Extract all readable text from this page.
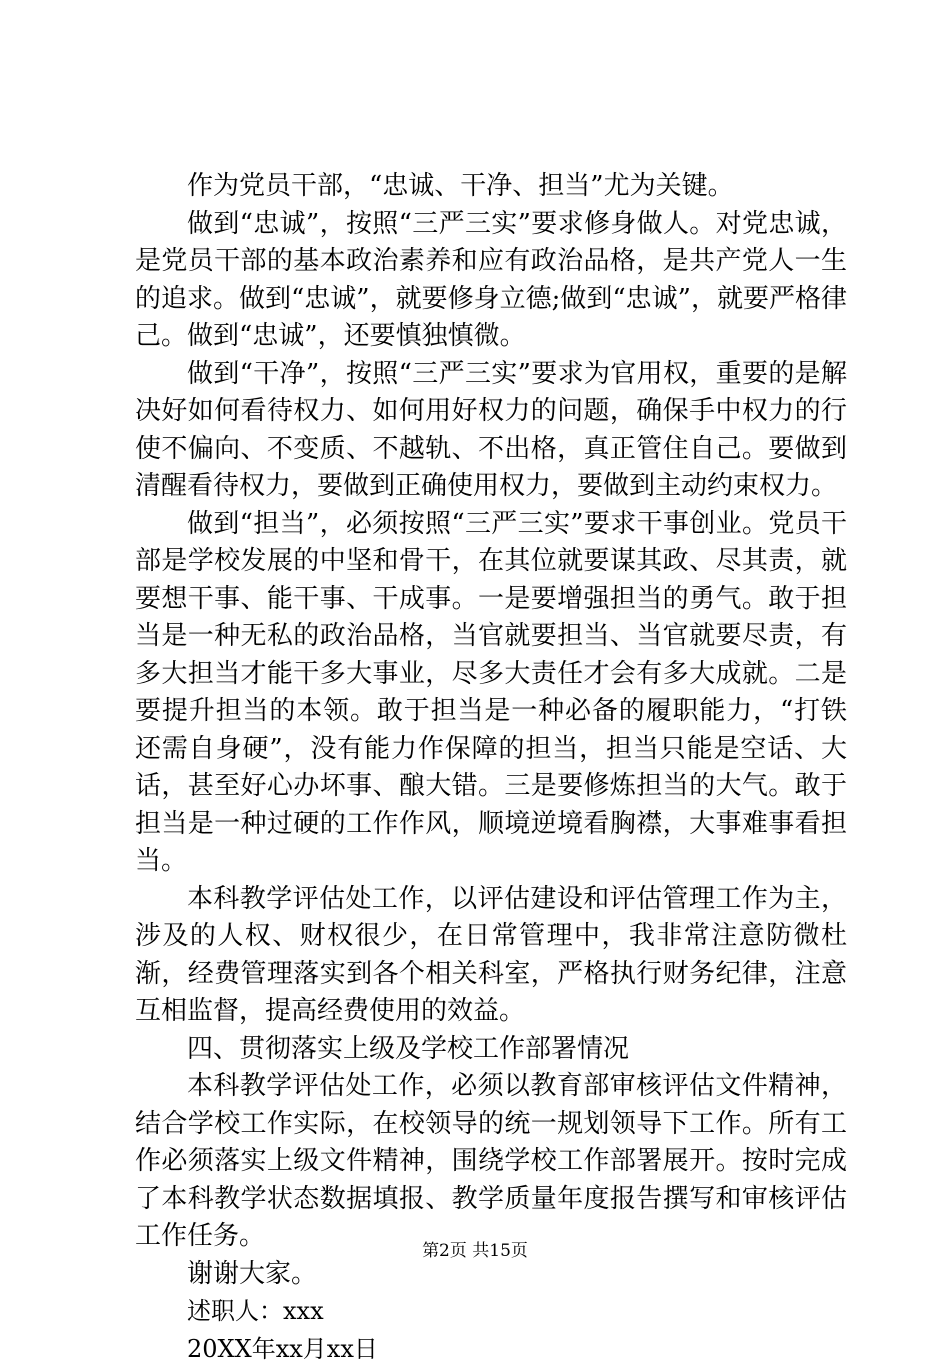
作为党员干部，“忠诚、干净、担当”尤为关键。

做到“忠诚”，按照“三严三实”要求修身做人。对党忠诚，是党员干部的基本政治素养和应有政治品格，是共产党人一生的追求。做到“忠诚”，就要修身立德;做到“忠诚”，就要严格律己。做到“忠诚”，还要慎独慎微。

做到“干净”，按照“三严三实”要求为官用权，重要的是解决好如何看待权力、如何用好权力的问题，确保手中权力的行使不偏向、不变质、不越轨、不出格，真正管住自己。要做到清醒看待权力，要做到正确使用权力，要做到主动约束权力。

做到“担当”，必须按照“三严三实”要求干事创业。党员干部是学校发展的中坚和骨干，在其位就要谋其政、尽其责，就要想干事、能干事、干成事。一是要增强担当的勇气。敢于担当是一种无私的政治品格，当官就要担当、当官就要尽责，有多大担当才能干多大事业，尽多大责任才会有多大成就。二是要提升担当的本领。敢于担当是一种必备的履职能力，“打铁还需自身硬”，没有能力作保障的担当，担当只能是空话、大话，甚至好心办坏事、酿大错。三是要修炼担当的大气。敢于担当是一种过硬的工作作风，顺境逆境看胸襟，大事难事看担当。

本科教学评估处工作，以评估建设和评估管理工作为主，涉及的人权、财权很少，在日常管理中，我非常注意防微杜渐，经费管理落实到各个相关科室，严格执行财务纪律，注意互相监督，提高经费使用的效益。

四、贯彻落实上级及学校工作部署情况

本科教学评估处工作，必须以教育部审核评估文件精神，结合学校工作实际，在校领导的统一规划领导下工作。所有工作必须落实上级文件精神，围绕学校工作部署展开。按时完成了本科教学状态数据填报、教学质量年度报告撰写和审核评估工作任务。

谢谢大家。

述职人：xxx

20XX年xx月xx日

第2页 共15页
